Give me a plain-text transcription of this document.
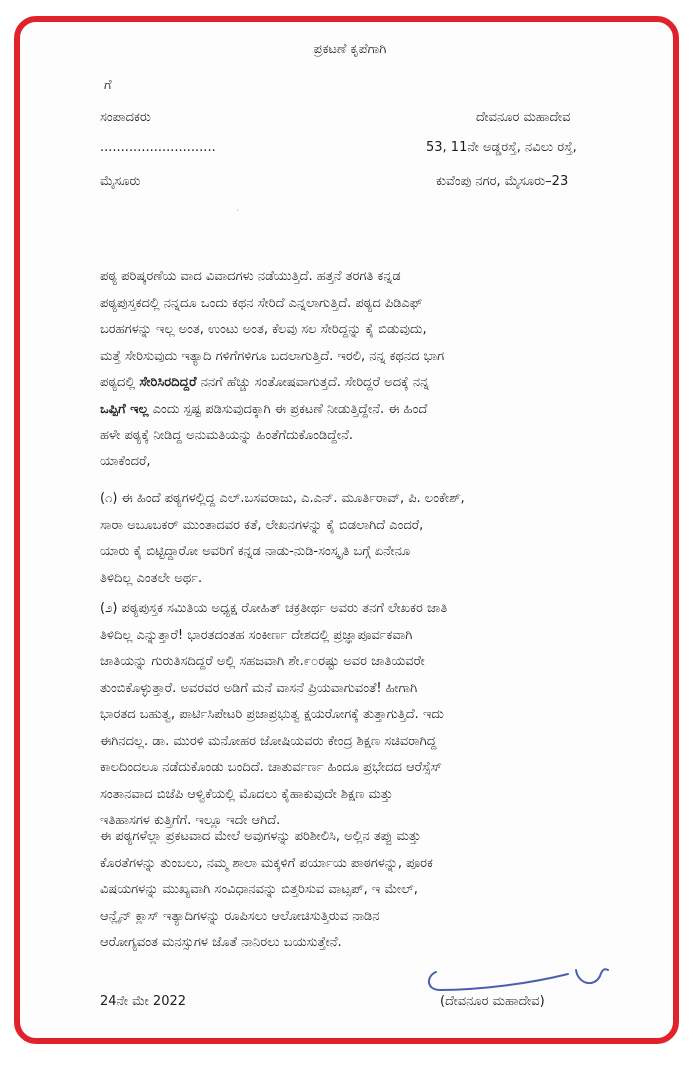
ಪ್ರಕಟಣೆ ಕೃಪೆಗಾಗಿ
ಗೆ
ಸಂಪಾದಕರು
............................
ಮೈಸೂರು
ದೇವನೂರ ಮಹಾದೇವ
53, 11ನೇ ಅಡ್ಡರಸ್ತೆ, ನವಿಲು ರಸ್ತೆ,
ಕುವೆಂಪು ನಗರ, ಮೈಸೂರು–23
·
ಪಠ್ಯ ಪರಿಷ್ಕರಣೆಯ ವಾದ ವಿವಾದಗಳು ನಡೆಯುತ್ತಿದೆ. ಹತ್ತನೆ ತರಗತಿ ಕನ್ನಡ
ಪಠ್ಯಪುಸ್ತಕದಲ್ಲಿ ನನ್ನದೂ ಒಂದು ಕಥನ ಸೇರಿದೆ ಎನ್ನಲಾಗುತ್ತಿದೆ. ಪಠ್ಯದ ಪಿಡಿಎಫ್
ಬರಹಗಳನ್ನು ಇಲ್ಲ ಅಂತ, ಉಂಟು ಅಂತ, ಕೆಲವು ಸಲ ಸೇರಿದ್ದನ್ನು ಕೈ ಬಿಡುವುದು,
ಮತ್ತೆ ಸೇರಿಸುವುದು ಇತ್ಯಾದಿ ಗಳಿಗೆಗಳಿಗೂ ಬದಲಾಗುತ್ತಿದೆ. ಇರಲಿ, ನನ್ನ ಕಥನದ ಭಾಗ
ಪಠ್ಯದಲ್ಲಿ ಸೇರಿಸಿರದಿದ್ದರೆ ನನಗೆ ಹೆಚ್ಚು ಸಂತೋಷವಾಗುತ್ತದೆ. ಸೇರಿದ್ದರೆ ಅದಕ್ಕೆ ನನ್ನ
ಒಪ್ಪಿಗೆ ಇಲ್ಲ ಎಂದು ಸ್ಪಷ್ಟ ಪಡಿಸುವುದಕ್ಕಾಗಿ ಈ ಪ್ರಕಟಣೆ ನೀಡುತ್ತಿದ್ದೇನೆ. ಈ ಹಿಂದೆ
ಹಳೇ ಪಠ್ಯಕ್ಕೆ ನೀಡಿದ್ದ ಅನುಮತಿಯನ್ನು ಹಿಂತೆಗೆದುಕೊಂಡಿದ್ದೇನೆ.
ಯಾಕೆಂದರೆ,
(೧) ಈ ಹಿಂದೆ ಪಠ್ಯಗಳಲ್ಲಿದ್ದ ಎಲ್.ಬಸವರಾಜು, ಎ.ಎನ್. ಮೂರ್ತಿರಾವ್, ಪಿ. ಲಂಕೇಶ್,
ಸಾರಾ ಅಬೂಬಕರ್ ಮುಂತಾದವರ ಕತೆ, ಲೇಖನಗಳನ್ನು ಕೈ ಬಿಡಲಾಗಿದೆ ಎಂದರೆ,
ಯಾರು ಕೈ ಬಿಟ್ಟಿದ್ದಾರೋ ಅವರಿಗೆ ಕನ್ನಡ ನಾಡು-ನುಡಿ-ಸಂಸ್ಕೃತಿ ಬಗ್ಗೆ ಏನೇನೂ
ತಿಳಿದಿಲ್ಲ ಎಂತಲೇ ಅರ್ಥ.
(೨) ಪಠ್ಯಪುಸ್ತಕ ಸಮಿತಿಯ ಅಧ್ಯಕ್ಷ ರೋಹಿತ್ ಚಕ್ರತೀರ್ಥ ಅವರು ತನಗೆ ಲೇಖಕರ ಜಾತಿ
ತಿಳಿದಿಲ್ಲ ಎನ್ನುತ್ತಾರೆ! ಭಾರತದಂತಹ ಸಂಕೀರ್ಣ ದೇಶದಲ್ಲಿ ಪ್ರಜ್ಞಾಪೂರ್ವಕವಾಗಿ
ಜಾತಿಯನ್ನು ಗುರುತಿಸದಿದ್ದರೆ ಅಲ್ಲಿ ಸಹಜವಾಗಿ ಶೇ.೯೦ರಷ್ಟು ಅವರ ಜಾತಿಯವರೇ
ತುಂಬಿಕೊಳ್ಳುತ್ತಾರೆ. ಅವರವರ ಅಡಿಗೆ ಮನೆ ವಾಸನೆ ಪ್ರಿಯವಾಗುವಂತೆ! ಹೀಗಾಗಿ
ಭಾರತದ ಬಹುತ್ವ, ಪಾರ್ಟಿಸಿಪೇಟರಿ ಪ್ರಜಾಪ್ರಭುತ್ವ ಕ್ಷಯರೋಗಕ್ಕೆ ತುತ್ತಾಗುತ್ತಿದೆ. ಇದು
ಈಗಿನದಲ್ಲ. ಡಾ. ಮುರಳಿ ಮನೋಹರ ಜೋಷಿಯವರು ಕೇಂದ್ರ ಶಿಕ್ಷಣ ಸಚಿವರಾಗಿದ್ದ
ಕಾಲದಿಂದಲೂ ನಡೆದುಕೊಂಡು ಬಂದಿದೆ. ಚಾತುರ್ವರ್ಣ ಹಿಂದೂ ಪ್ರಭೇದದ ಆರೆಸ್ಸೆಸ್
ಸಂತಾನವಾದ ಬಿಜೆಪಿ ಆಳ್ವಿಕೆಯಲ್ಲಿ ಮೊದಲು ಕೈಹಾಕುವುದೇ ಶಿಕ್ಷಣ ಮತ್ತು
ಇತಿಹಾಸಗಳ ಕುತ್ತಿಗೆಗೆ. ಇಲ್ಲೂ ಇದೇ ಆಗಿದೆ.
ಈ ಪಠ್ಯಗಳೆಲ್ಲಾ ಪ್ರಕಟವಾದ ಮೇಲೆ ಅವುಗಳನ್ನು ಪರಿಶೀಲಿಸಿ, ಅಲ್ಲಿನ ತಪ್ಪು ಮತ್ತು
ಕೊರತೆಗಳನ್ನು ತುಂಬಲು, ನಮ್ಮ ಶಾಲಾ ಮಕ್ಕಳಿಗೆ ಪರ್ಯಾಯ ಪಾಠಗಳನ್ನು, ಪೂರಕ
ವಿಷಯಗಳನ್ನು ಮುಖ್ಯವಾಗಿ ಸಂವಿಧಾನವನ್ನು ಬಿತ್ತರಿಸುವ ವಾಟ್ಸಪ್‌, ಇ ಮೇಲ್,
ಆನ್ಲೈನ್ ಕ್ಲಾಸ್ ಇತ್ಯಾದಿಗಳನ್ನು ರೂಪಿಸಲು ಆಲೋಚಿಸುತ್ತಿರುವ ನಾಡಿನ
ಆರೋಗ್ಯವಂತ ಮನಸ್ಸುಗಳ ಜೊತೆ ನಾನಿರಲು ಬಯಸುತ್ತೇನೆ.
24ನೇ ಮೇ 2022	(ದೇವನೂರ ಮಹಾದೇವ)
